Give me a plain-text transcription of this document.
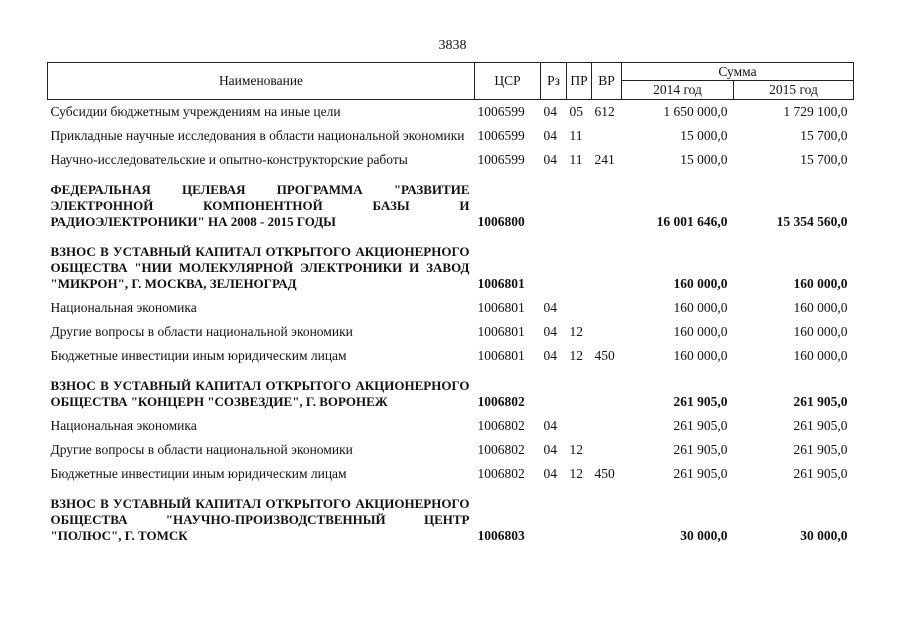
3838
Наименование	ЦСР	Рз	ПР	ВР	Сумма	
					2014 год	2015 год
Субсидии бюджетным учреждениям на иные цели	1006599	04	05	612	1 650 000,0	1 729 100,0
Прикладные научные исследования в области национальной экономики	1006599	04	11		15 000,0	15 700,0
Научно-исследовательские и опытно-конструкторские работы	1006599	04	11	241	15 000,0	15 700,0
ФЕДЕРАЛЬНАЯ ЦЕЛЕВАЯ ПРОГРАММА "РАЗВИТИЕ ЭЛЕКТРОННОЙ КОМПОНЕНТНОЙ БАЗЫ И РАДИОЭЛЕКТРОНИКИ" НА 2008 - 2015 ГОДЫ	1006800				16 001 646,0	15 354 560,0
ВЗНОС В УСТАВНЫЙ КАПИТАЛ ОТКРЫТОГО АКЦИОНЕРНОГО ОБЩЕСТВА "НИИ МОЛЕКУЛЯРНОЙ ЭЛЕКТРОНИКИ И ЗАВОД "МИКРОН", Г. МОСКВА, ЗЕЛЕНОГРАД	1006801				160 000,0	160 000,0
Национальная экономика	1006801	04			160 000,0	160 000,0
Другие вопросы в области национальной экономики	1006801	04	12		160 000,0	160 000,0
Бюджетные инвестиции иным юридическим лицам	1006801	04	12	450	160 000,0	160 000,0
ВЗНОС В УСТАВНЫЙ КАПИТАЛ ОТКРЫТОГО АКЦИОНЕРНОГО ОБЩЕСТВА "КОНЦЕРН "СОЗВЕЗДИЕ", Г. ВОРОНЕЖ	1006802				261 905,0	261 905,0
Национальная экономика	1006802	04			261 905,0	261 905,0
Другие вопросы в области национальной экономики	1006802	04	12		261 905,0	261 905,0
Бюджетные инвестиции иным юридическим лицам	1006802	04	12	450	261 905,0	261 905,0
ВЗНОС В УСТАВНЫЙ КАПИТАЛ ОТКРЫТОГО АКЦИОНЕРНОГО ОБЩЕСТВА "НАУЧНО-ПРОИЗВОДСТВЕННЫЙ ЦЕНТР "ПОЛЮС", Г. ТОМСК	1006803				30 000,0	30 000,0
